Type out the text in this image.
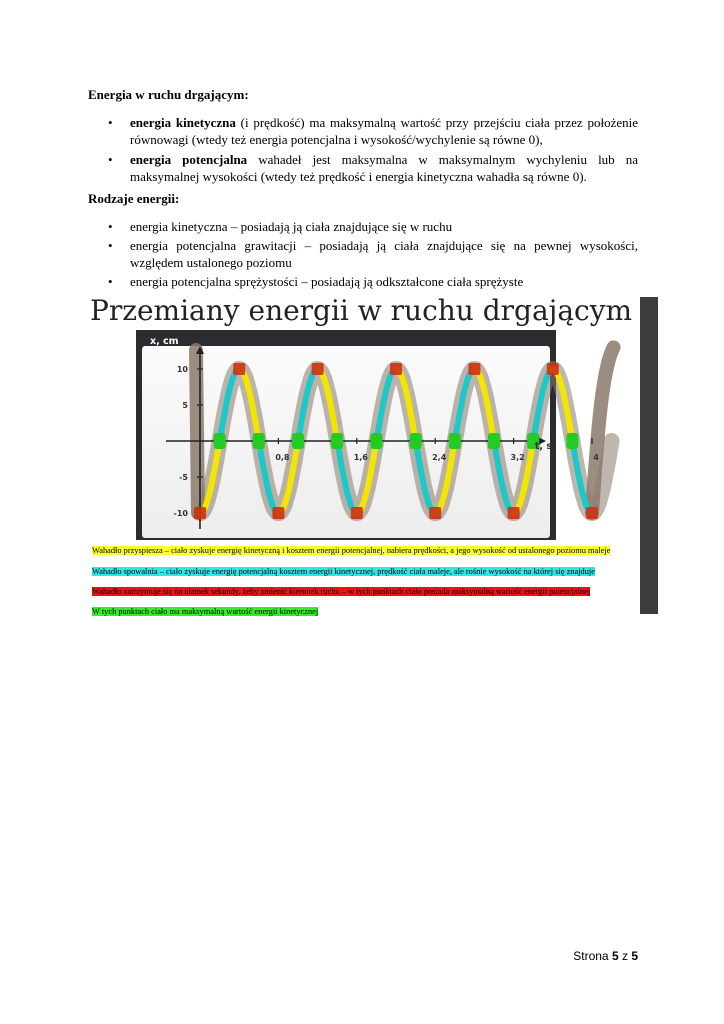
Energia w ruchu drgającym:
• energia kinetyczna (i prędkość) ma maksymalną wartość przy przejściu ciała przez położenie równowagi (wtedy też energia potencjalna i wysokość/wychylenie są równe 0),
• energia potencjalna wahadeł jest maksymalna w maksymalnym wychyleniu lub na maksymalnej wysokości (wtedy też prędkość i energia kinetyczna wahadła są równe 0).
Rodzaje energii:
• energia kinetyczna – posiadają ją ciała znajdujące się w ruchu
• energia potencjalna grawitacji – posiadają ją ciała znajdujące się na pewnej wysokości, względem ustalonego poziomu
• energia potencjalna sprężystości – posiadają ją odkształcone ciała sprężyste
Przemiany energii w ruchu drgającym
0,8	1,6	2,4	3,2	4
10
5
-5
-10
t, s
x, cm
Wahadło przyspiesza – ciało zyskuje energię kinetyczną i kosztem energii potencjalnej, nabiera prędkości, a jego wysokość od ustalonego poziomu maleje
Wahadło spowalnia – ciało zyskuje energię potencjalną kosztem energii kinetycznej, prędkość ciała maleje, ale rośnie wysokość na której się znajduje
Wahadło zatrzymuje się na ułamek sekundy, żeby zmienić kierunek ruchu – w tych punktach ciało posiada maksymalną wartość energii potencjalnej
W tych punktach ciało ma maksymalną wartość energii kinetycznej
Strona 5 z 5
